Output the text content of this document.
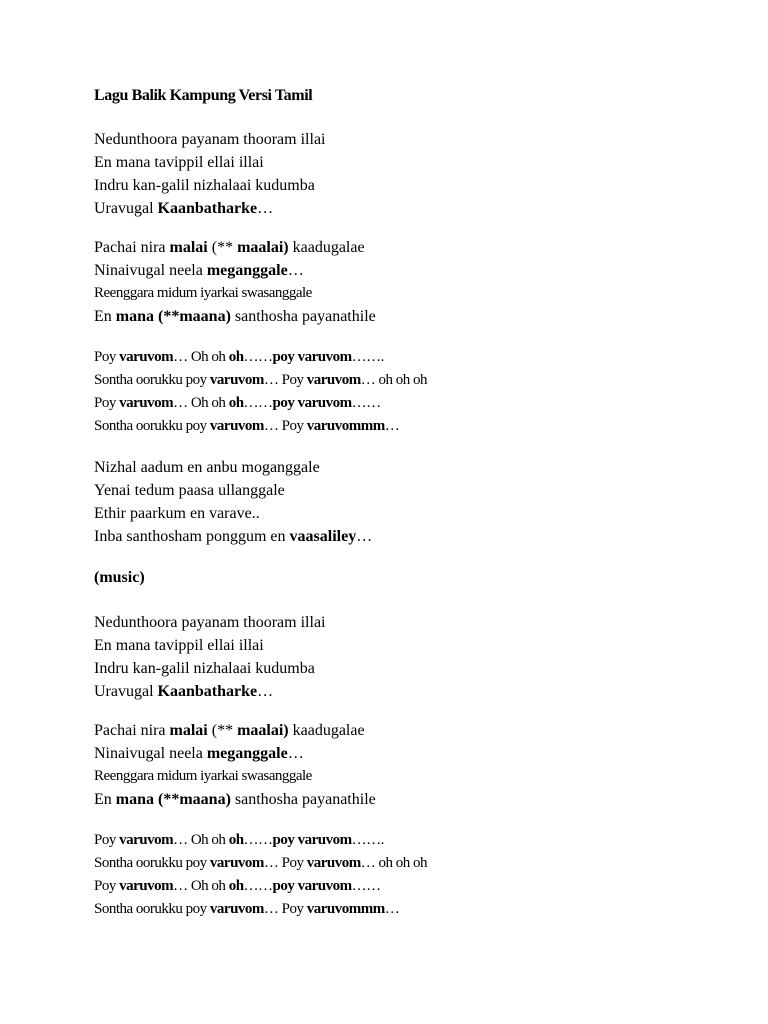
Lagu Balik Kampung Versi Tamil
Nedunthoora payanam thooram illai
En mana tavippil ellai illai
Indru kan-galil nizhalaai kudumba
Uravugal Kaanbatharke…
Pachai nira malai (** maalai) kaadugalae
Ninaivugal neela meganggale…
Reenggara midum iyarkai swasanggale
En mana (**maana) santhosha payanathile
Poy varuvom… Oh oh oh……poy varuvom…….
Sontha oorukku poy varuvom… Poy varuvom… oh oh oh
Poy varuvom… Oh oh oh……poy varuvom……
Sontha oorukku poy varuvom… Poy varuvommm…
Nizhal aadum en anbu moganggale
Yenai tedum paasa ullanggale
Ethir paarkum en varave..
Inba santhosham ponggum en vaasaliley…
(music)
Nedunthoora payanam thooram illai
En mana tavippil ellai illai
Indru kan-galil nizhalaai kudumba
Uravugal Kaanbatharke…
Pachai nira malai (** maalai) kaadugalae
Ninaivugal neela meganggale…
Reenggara midum iyarkai swasanggale
En mana (**maana) santhosha payanathile
Poy varuvom… Oh oh oh……poy varuvom…….
Sontha oorukku poy varuvom… Poy varuvom… oh oh oh
Poy varuvom… Oh oh oh……poy varuvom……
Sontha oorukku poy varuvom… Poy varuvommm…
